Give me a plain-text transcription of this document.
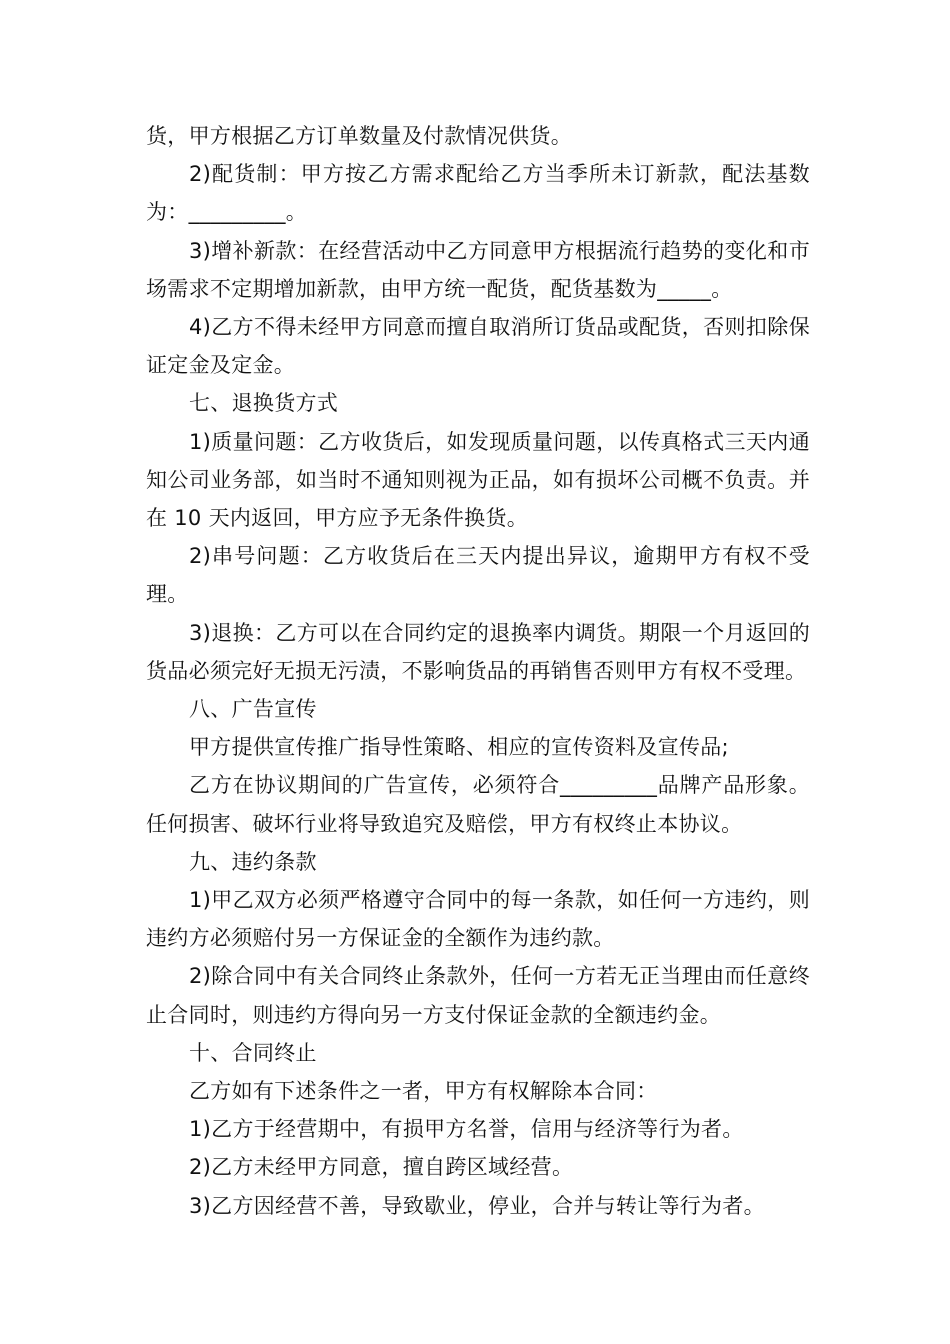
货，甲方根据乙方订单数量及付款情况供货。

2)配货制：甲方按乙方需求配给乙方当季所未订新款，配法基数为：_________。

3)增补新款：在经营活动中乙方同意甲方根据流行趋势的变化和市场需求不定期增加新款，由甲方统一配货，配货基数为_____。

4)乙方不得未经甲方同意而擅自取消所订货品或配货，否则扣除保证定金及定金。

七、退换货方式

1)质量问题：乙方收货后，如发现质量问题，以传真格式三天内通知公司业务部，如当时不通知则视为正品，如有损坏公司概不负责。并在 10 天内返回，甲方应予无条件换货。

2)串号问题：乙方收货后在三天内提出异议，逾期甲方有权不受理。

3)退换：乙方可以在合同约定的退换率内调货。期限一个月返回的货品必须完好无损无污渍，不影响货品的再销售否则甲方有权不受理。

八、广告宣传

甲方提供宣传推广指导性策略、相应的宣传资料及宣传品;

乙方在协议期间的广告宣传，必须符合_________品牌产品形象。任何损害、破坏行业将导致追究及赔偿，甲方有权终止本协议。

九、违约条款

1)甲乙双方必须严格遵守合同中的每一条款，如任何一方违约，则违约方必须赔付另一方保证金的全额作为违约款。

2)除合同中有关合同终止条款外，任何一方若无正当理由而任意终止合同时，则违约方得向另一方支付保证金款的全额违约金。

十、合同终止

乙方如有下述条件之一者，甲方有权解除本合同：

1)乙方于经营期中，有损甲方名誉，信用与经济等行为者。

2)乙方未经甲方同意，擅自跨区域经营。

3)乙方因经营不善，导致歇业，停业，合并与转让等行为者。
